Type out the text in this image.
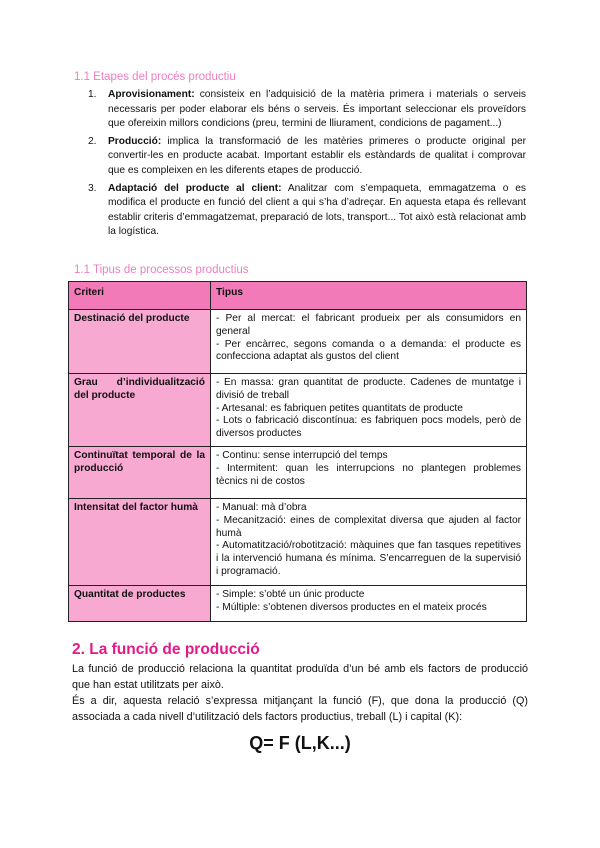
1.1 Etapes del procés productiu
1. Aprovisionament: consisteix en l’adquisició de la matèria primera i materials o serveis necessaris per poder elaborar els béns o serveis. És important seleccionar els proveïdors que ofereixin millors condicions (preu, termini de lliurament, condicions de pagament...)
2. Producció: implica la transformació de les matèries primeres o producte original per convertir-les en producte acabat. Important establir els estàndards de qualitat i comprovar que es compleixen en les diferents etapes de producció.
3. Adaptació del producte al client: Analitzar com s’empaqueta, emmagatzema o es modifica el producte en funció del client a qui s’ha d’adreçar. En aquesta etapa és rellevant establir criteris d’emmagatzemat, preparació de lots, transport... Tot això està relacionat amb la logística.
1.1 Tipus de processos productius
Criteri	Tipus
Destinació del producte	- Per al mercat: el fabricant produeix per als consumidors en general
- Per encàrrec, segons comanda o a demanda: el producte es confecciona adaptat als gustos del client

Grau d’individualització del producte	- En massa: gran quantitat de producte. Cadenes de muntatge i divisió de treball
- Artesanal: es fabriquen petites quantitats de producte
- Lots o fabricació discontínua: es fabriquen pocs models, però de diversos productes

Continuïtat temporal de la producció	- Continu: sense interrupció del temps
- Intermitent: quan les interrupcions no plantegen problemes tècnics ni de costos

Intensitat del factor humà	- Manual: mà d’obra
- Mecanització: eines de complexitat diversa que ajuden al factor humà
- Automatització/robotització: màquines que fan tasques repetitives i la intervenció humana és mínima. S’encarreguen de la supervisió i programació.

Quantitat de productes	- Simple: s’obté un únic producte
- Múltiple: s’obtenen diversos productes en el mateix procés
2. La funció de producció

La funció de producció relaciona la quantitat produïda d’un bé amb els factors de producció que han estat utilitzats per això.

És a dir, aquesta relació s’expressa mitjançant la funció (F), que dona la producció (Q) associada a cada nivell d’utilització dels factors productius, treball (L) i capital (K):

Q= F (L,K...)
